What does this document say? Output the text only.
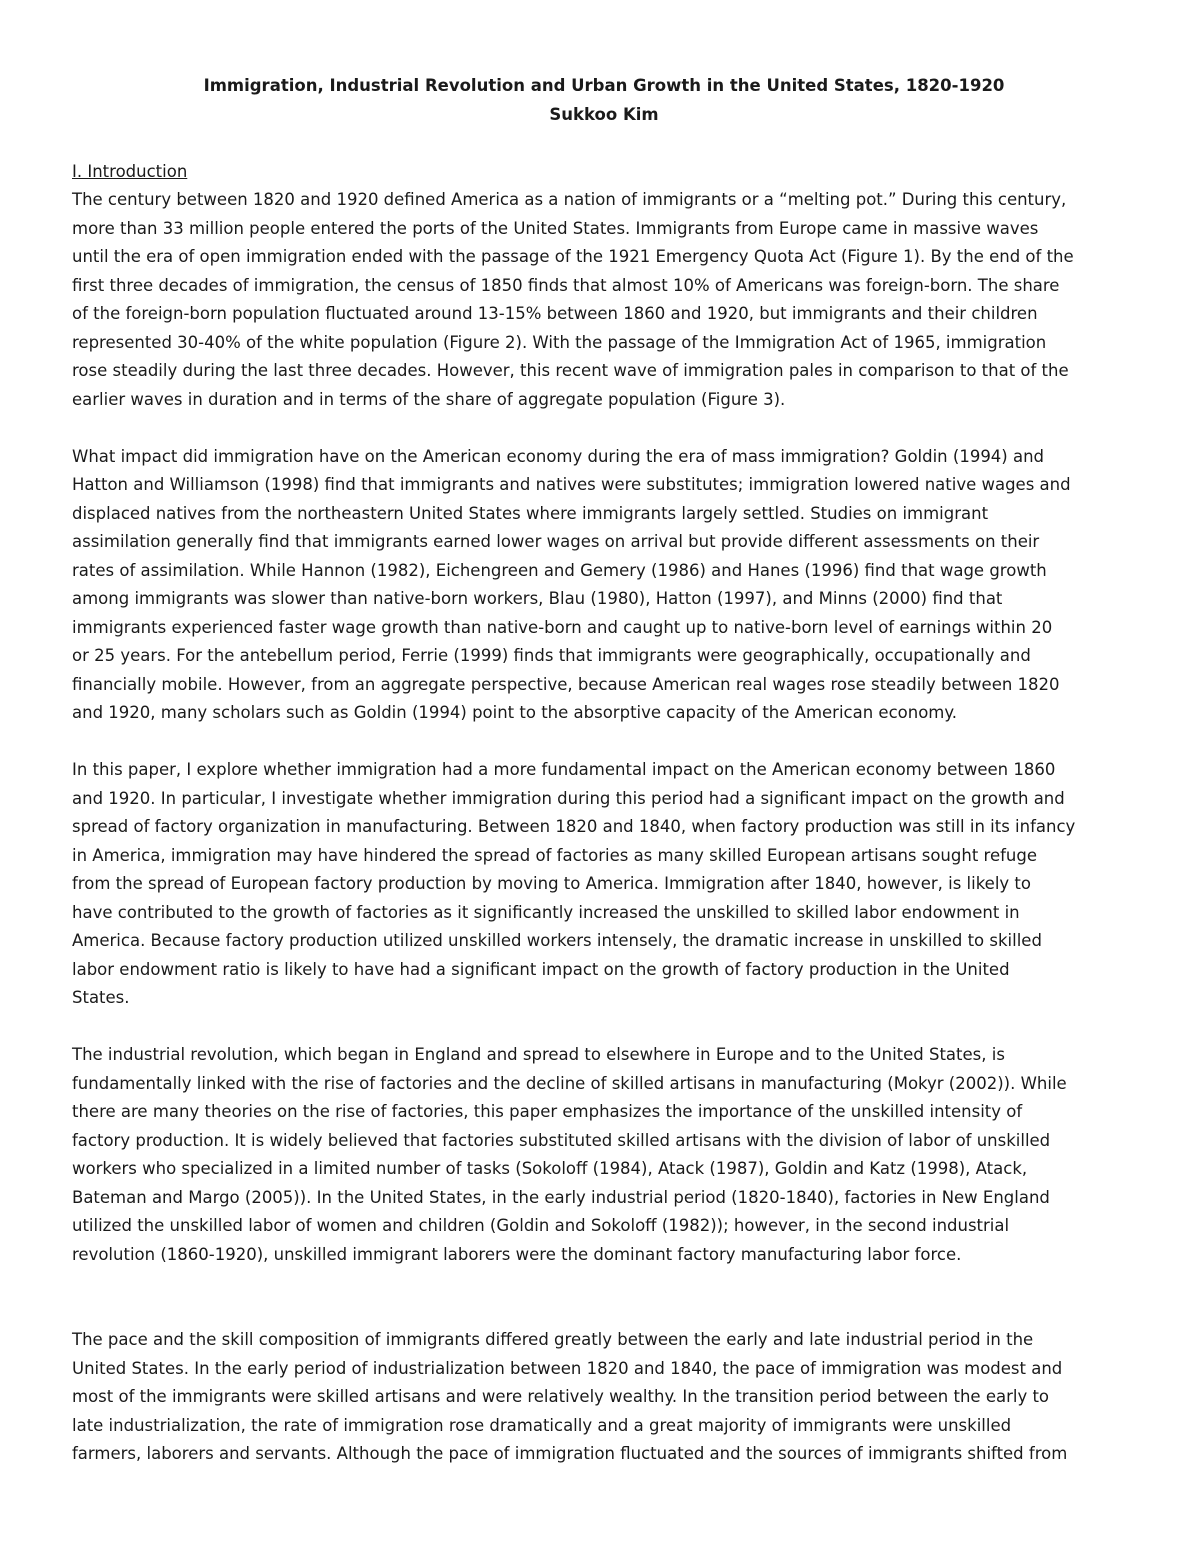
Immigration, Industrial Revolution and Urban Growth in the United States, 1820-1920

Sukkoo Kim

I. Introduction

The century between 1820 and 1920 defined America as a nation of immigrants or a “melting pot.” During this century,
more than 33 million people entered the ports of the United States. Immigrants from Europe came in massive waves
until the era of open immigration ended with the passage of the 1921 Emergency Quota Act (Figure 1). By the end of the
first three decades of immigration, the census of 1850 finds that almost 10% of Americans was foreign-born. The share
of the foreign-born population fluctuated around 13-15% between 1860 and 1920, but immigrants and their children
represented 30-40% of the white population (Figure 2). With the passage of the Immigration Act of 1965, immigration
rose steadily during the last three decades. However, this recent wave of immigration pales in comparison to that of the
earlier waves in duration and in terms of the share of aggregate population (Figure 3).
What impact did immigration have on the American economy during the era of mass immigration? Goldin (1994) and
Hatton and Williamson (1998) find that immigrants and natives were substitutes; immigration lowered native wages and
displaced natives from the northeastern United States where immigrants largely settled. Studies on immigrant
assimilation generally find that immigrants earned lower wages on arrival but provide different assessments on their
rates of assimilation. While Hannon (1982), Eichengreen and Gemery (1986) and Hanes (1996) find that wage growth
among immigrants was slower than native-born workers, Blau (1980), Hatton (1997), and Minns (2000) find that
immigrants experienced faster wage growth than native-born and caught up to native-born level of earnings within 20
or 25 years. For the antebellum period, Ferrie (1999) finds that immigrants were geographically, occupationally and
financially mobile. However, from an aggregate perspective, because American real wages rose steadily between 1820
and 1920, many scholars such as Goldin (1994) point to the absorptive capacity of the American economy.
In this paper, I explore whether immigration had a more fundamental impact on the American economy between 1860
and 1920. In particular, I investigate whether immigration during this period had a significant impact on the growth and
spread of factory organization in manufacturing. Between 1820 and 1840, when factory production was still in its infancy
in America, immigration may have hindered the spread of factories as many skilled European artisans sought refuge
from the spread of European factory production by moving to America. Immigration after 1840, however, is likely to
have contributed to the growth of factories as it significantly increased the unskilled to skilled labor endowment in
America. Because factory production utilized unskilled workers intensely, the dramatic increase in unskilled to skilled
labor endowment ratio is likely to have had a significant impact on the growth of factory production in the United
States.
The industrial revolution, which began in England and spread to elsewhere in Europe and to the United States, is
fundamentally linked with the rise of factories and the decline of skilled artisans in manufacturing (Mokyr (2002)). While
there are many theories on the rise of factories, this paper emphasizes the importance of the unskilled intensity of
factory production. It is widely believed that factories substituted skilled artisans with the division of labor of unskilled
workers who specialized in a limited number of tasks (Sokoloff (1984), Atack (1987), Goldin and Katz (1998), Atack,
Bateman and Margo (2005)). In the United States, in the early industrial period (1820-1840), factories in New England
utilized the unskilled labor of women and children (Goldin and Sokoloff (1982)); however, in the second industrial
revolution (1860-1920), unskilled immigrant laborers were the dominant factory manufacturing labor force.
The pace and the skill composition of immigrants differed greatly between the early and late industrial period in the
United States. In the early period of industrialization between 1820 and 1840, the pace of immigration was modest and
most of the immigrants were skilled artisans and were relatively wealthy. In the transition period between the early to
late industrialization, the rate of immigration rose dramatically and a great majority of immigrants were unskilled
farmers, laborers and servants. Although the pace of immigration fluctuated and the sources of immigrants shifted from
